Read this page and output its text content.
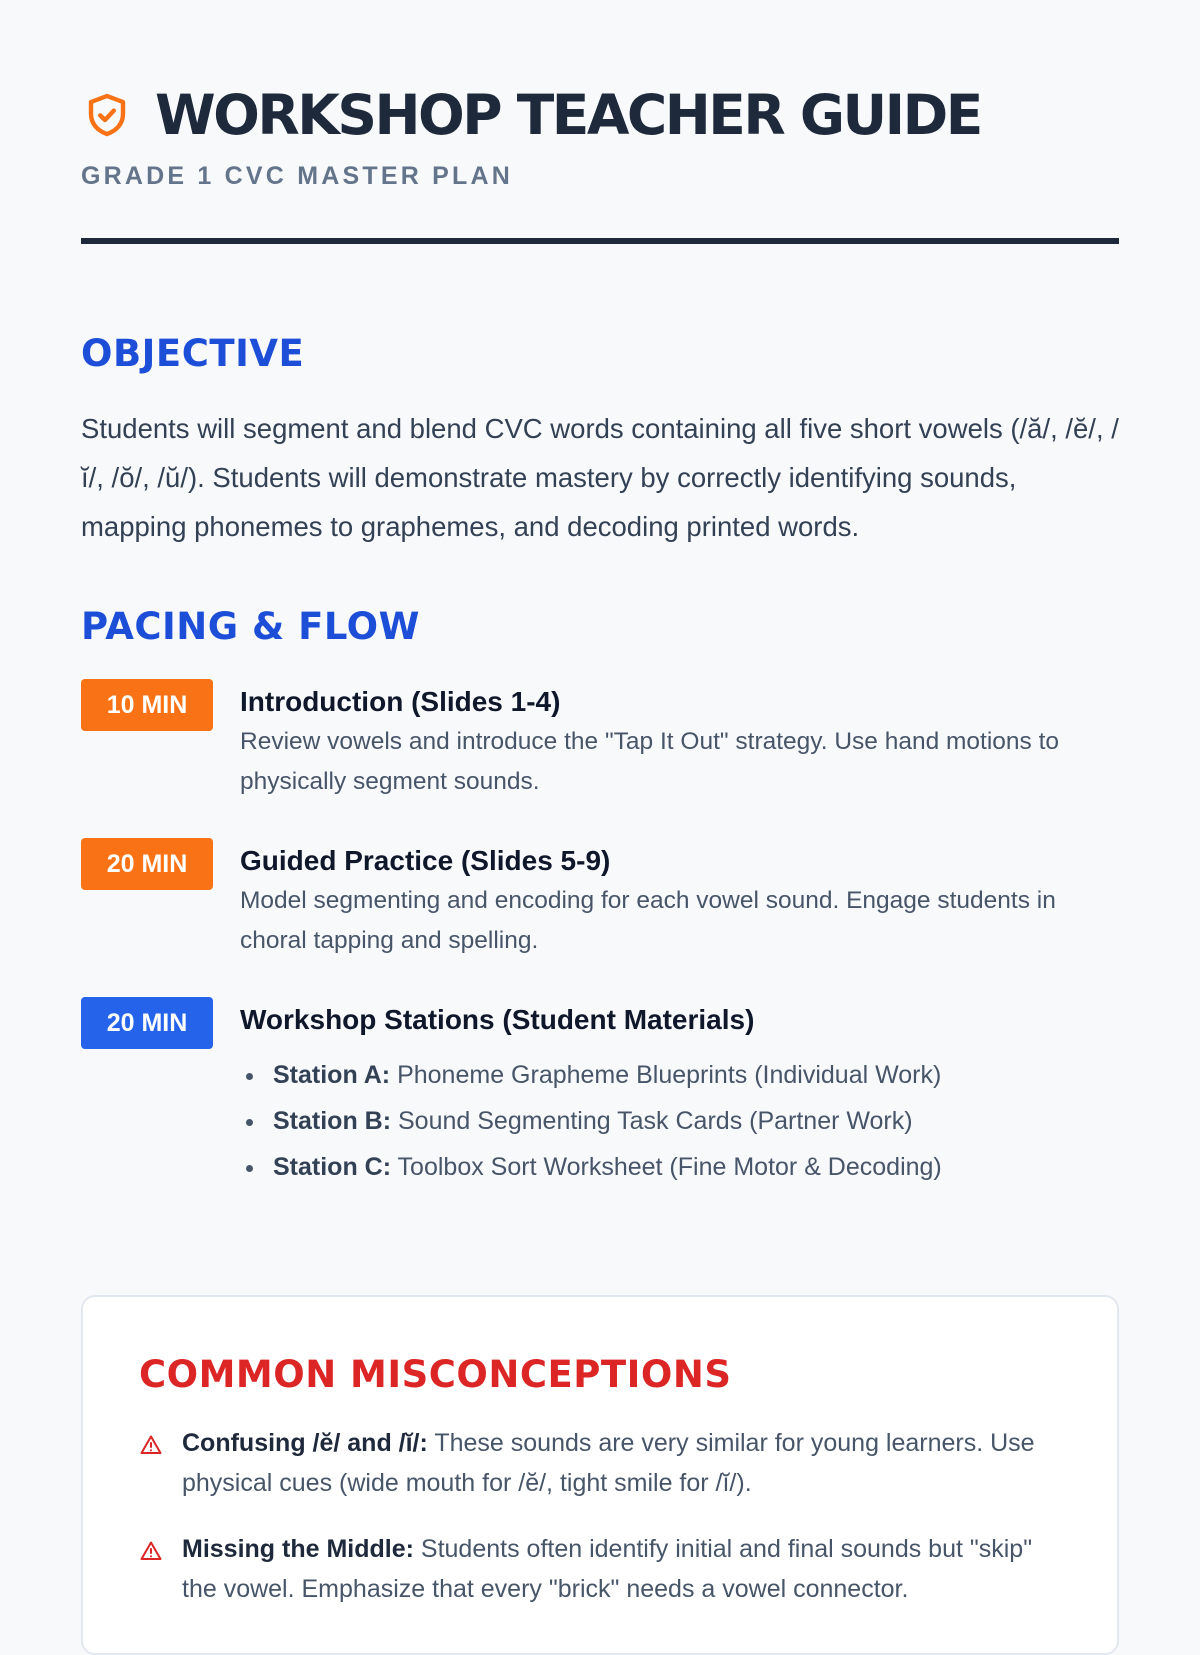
WORKSHOP TEACHER GUIDE
GRADE 1 CVC MASTER PLAN
OBJECTIVE

Students will segment and blend CVC words containing all five short vowels (/ă/, /ĕ/, /ĭ/, /ŏ/, /ŭ/). Students will demonstrate mastery by correctly identifying sounds, mapping phonemes to graphemes, and decoding printed words.

PACING & FLOW
10 MIN	Introduction (Slides 1-4)
Review vowels and introduce the "Tap It Out" strategy. Use hand motions to physically segment sounds.
20 MIN	Guided Practice (Slides 5-9)
Model segmenting and encoding for each vowel sound. Engage students in choral tapping and spelling.
20 MIN	Workshop Stations (Student Materials)
Station A: Phoneme Grapheme Blueprints (Individual Work)
Station B: Sound Segmenting Task Cards (Partner Work)
Station C: Toolbox Sort Worksheet (Fine Motor & Decoding)
COMMON MISCONCEPTIONS
Confusing /ĕ/ and /ĭ/: These sounds are very similar for young learners. Use physical cues (wide mouth for /ĕ/, tight smile for /ĭ/).
Missing the Middle: Students often identify initial and final sounds but "skip" the vowel. Emphasize that every "brick" needs a vowel connector.
